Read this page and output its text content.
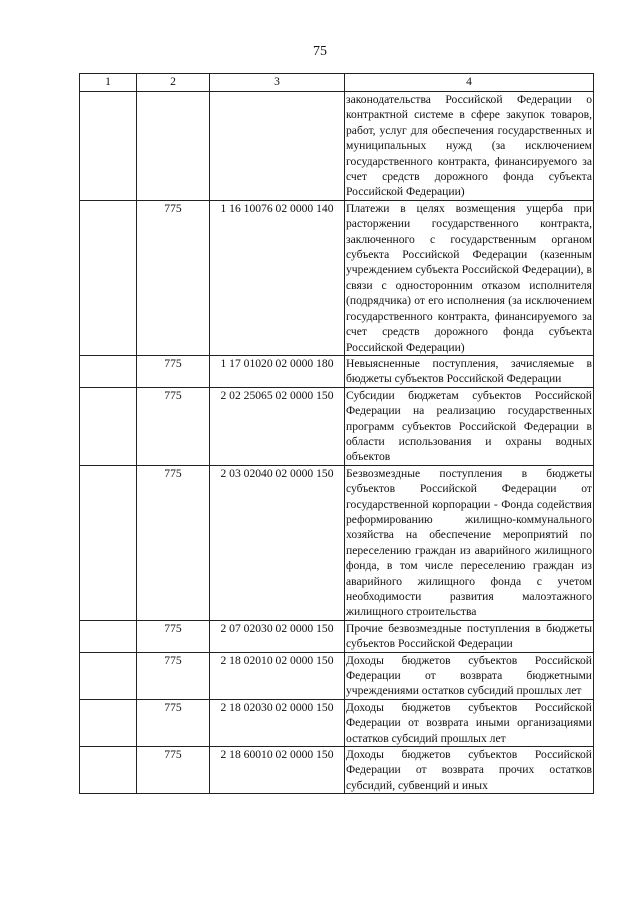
75
1	2	3	4
			законодательства Российской Федерации о контрактной системе в сфере закупок товаров, работ, услуг для обеспечения государственных и муниципальных нужд (за исключением государственного контракта, финансируемого за счет средств дорожного фонда субъекта Российской Федерации)
	775	1 16 10076 02 0000 140	Платежи в целях возмещения ущерба при расторжении государственного контракта, заключенного с государственным органом субъекта Российской Федерации (казенным учреждением субъекта Российской Федерации), в связи с односторонним отказом исполнителя (подрядчика) от его исполнения (за исключением государственного контракта, финансируемого за счет средств дорожного фонда субъекта Российской Федерации)
	775	1 17 01020 02 0000 180	Невыясненные поступления, зачисляемые в бюджеты субъектов Российской Федерации
	775	2 02 25065 02 0000 150	Субсидии бюджетам субъектов Российской Федерации на реализацию государственных программ субъектов Российской Федерации в области использования и охраны водных объектов
	775	2 03 02040 02 0000 150	Безвозмездные поступления в бюджеты субъектов Российской Федерации от государственной корпорации - Фонда содействия реформированию жилищно-коммунального хозяйства на обеспечение мероприятий по переселению граждан из аварийного жилищного фонда, в том числе переселению граждан из аварийного жилищного фонда с учетом необходимости развития малоэтажного жилищного строительства
	775	2 07 02030 02 0000 150	Прочие безвозмездные поступления в бюджеты субъектов Российской Федерации
	775	2 18 02010 02 0000 150	Доходы бюджетов субъектов Российской Федерации от возврата бюджетными учреждениями остатков субсидий прошлых лет
	775	2 18 02030 02 0000 150	Доходы бюджетов субъектов Российской Федерации от возврата иными организациями остатков субсидий прошлых лет
	775	2 18 60010 02 0000 150	Доходы бюджетов субъектов Российской Федерации от возврата прочих остатков субсидий, субвенций и иных
